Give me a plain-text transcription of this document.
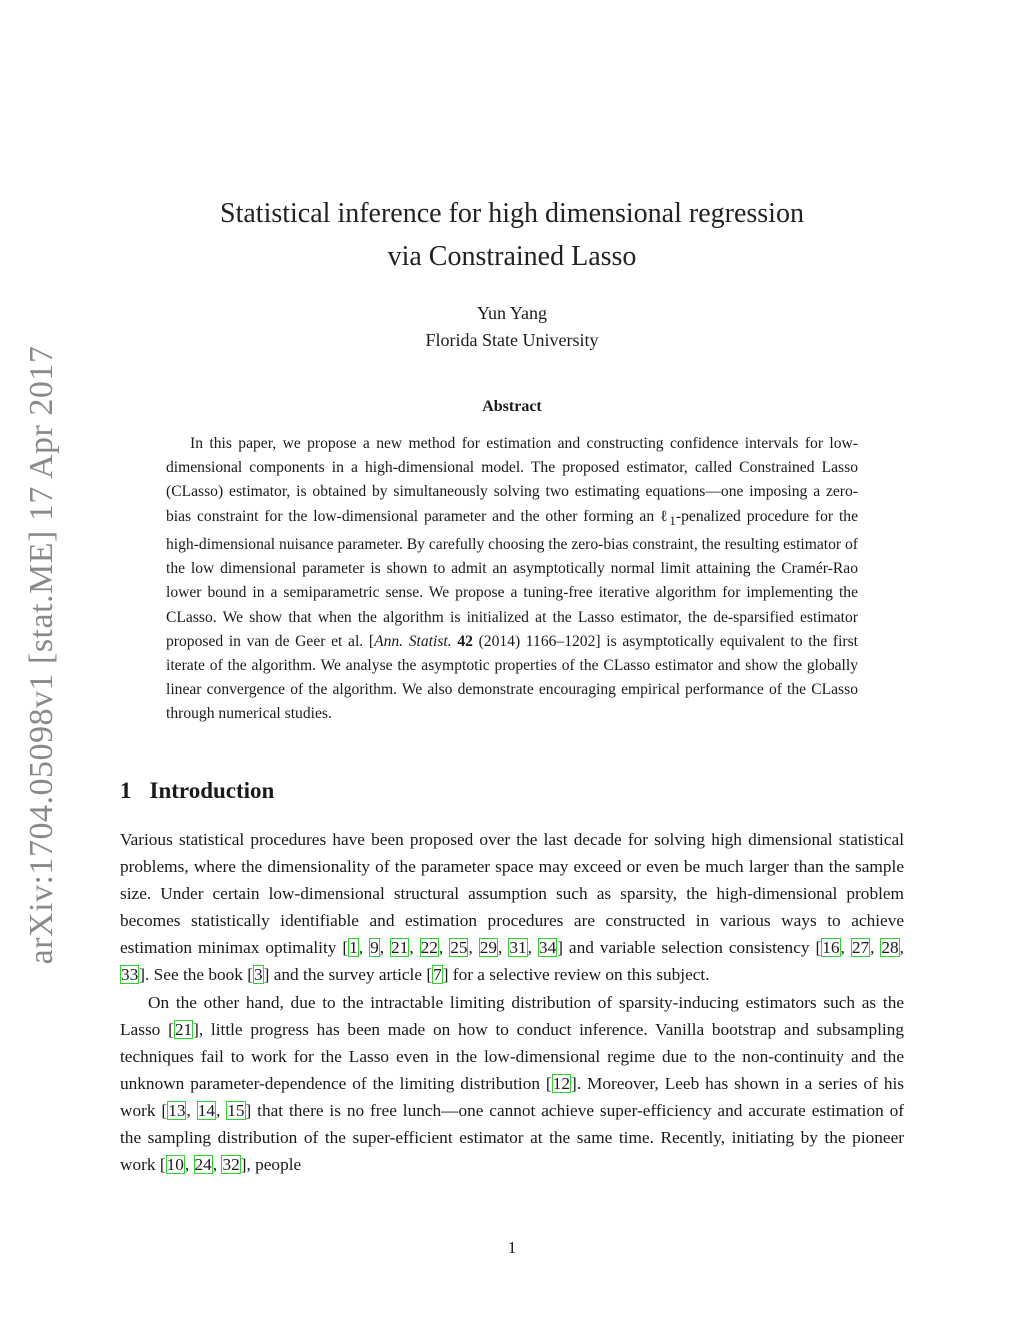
arXiv:1704.05098v1 [stat.ME] 17 Apr 2017
Statistical inference for high dimensional regression
via Constrained Lasso
Yun Yang
Florida State University
Abstract

In this paper, we propose a new method for estimation and constructing confidence intervals for low-dimensional components in a high-dimensional model. The proposed estimator, called Constrained Lasso (CLasso) estimator, is obtained by simultaneously solving two estimating equations—one imposing a zero-bias constraint for the low-dimensional parameter and the other forming an ℓ$_1$-penalized procedure for the high-dimensional nuisance parameter. By carefully choosing the zero-bias constraint, the resulting estimator of the low dimensional parameter is shown to admit an asymptotically normal limit attaining the Cramér-Rao lower bound in a semiparametric sense. We propose a tuning-free iterative algorithm for implementing the CLasso. We show that when the algorithm is initialized at the Lasso estimator, the de-sparsified estimator proposed in van de Geer et al. [Ann. Statist. 42 (2014) 1166–1202] is asymptotically equivalent to the first iterate of the algorithm. We analyse the asymptotic properties of the CLasso estimator and show the globally linear convergence of the algorithm. We also demonstrate encouraging empirical performance of the CLasso through numerical studies.

1 Introduction

Various statistical procedures have been proposed over the last decade for solving high dimensional statistical problems, where the dimensionality of the parameter space may exceed or even be much larger than the sample size. Under certain low-dimensional structural assumption such as sparsity, the high-dimensional problem becomes statistically identifiable and estimation procedures are constructed in various ways to achieve estimation minimax optimality [1, 9, 21, 22, 25, 29, 31, 34] and variable selection consistency [16, 27, 28, 33]. See the book [3] and the survey article [7] for a selective review on this subject.

On the other hand, due to the intractable limiting distribution of sparsity-inducing estimators such as the Lasso [21], little progress has been made on how to conduct inference. Vanilla bootstrap and subsampling techniques fail to work for the Lasso even in the low-dimensional regime due to the non-continuity and the unknown parameter-dependence of the limiting distribution [12]. Moreover, Leeb has shown in a series of his work [13, 14, 15] that there is no free lunch—one cannot achieve super-efficiency and accurate estimation of the sampling distribution of the super-efficient estimator at the same time. Recently, initiating by the pioneer work [10, 24, 32], people

1
